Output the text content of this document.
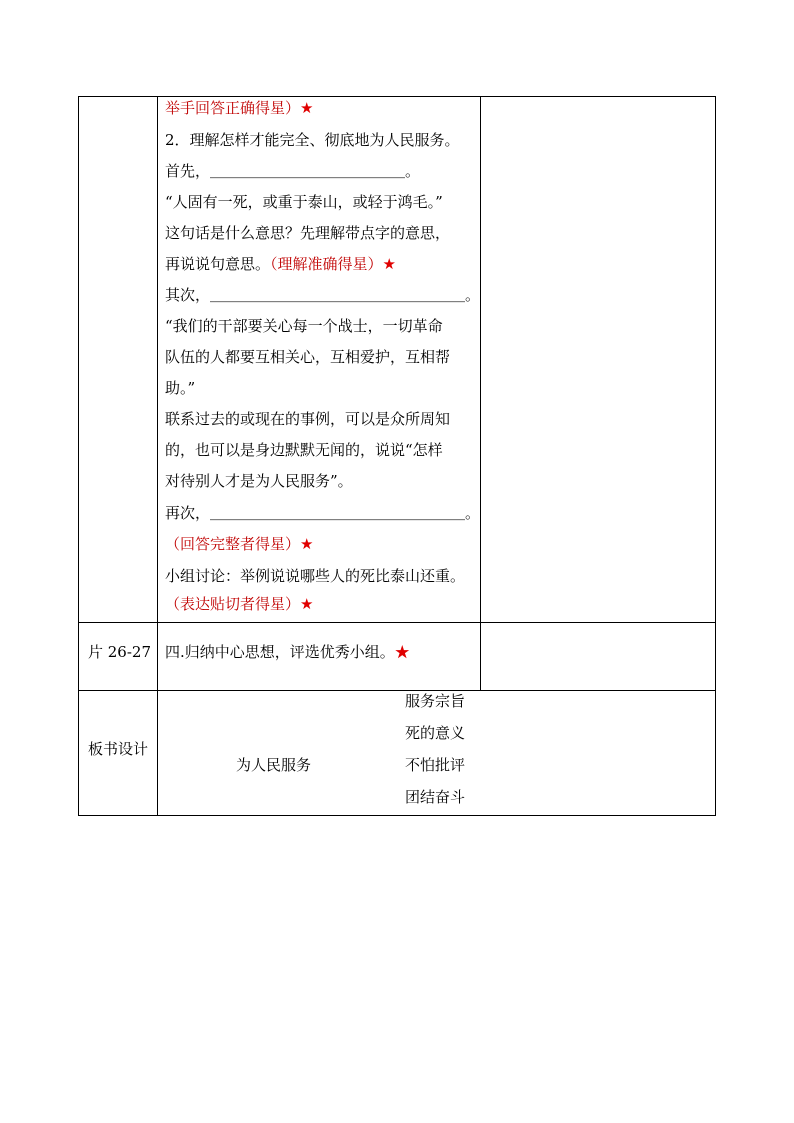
举手回答正确得星）★
2．理解怎样才能完全、彻底地为人民服务。
首先，＿＿＿＿＿＿＿＿＿＿＿＿＿。
“人固有一死，或重于泰山，或轻于鸿毛。”
这句话是什么意思？先理解带点字的意思，
再说说句意思。（理解准确得星）★
其次，＿＿＿＿＿＿＿＿＿＿＿＿＿＿＿＿＿。
“我们的干部要关心每一个战士，一切革命
队伍的人都要互相关心，互相爱护，互相帮
助。”
联系过去的或现在的事例，可以是众所周知
的，也可以是身边默默无闻的，说说“怎样
对待别人才是为人民服务”。
再次，＿＿＿＿＿＿＿＿＿＿＿＿＿＿＿＿＿。
（回答完整者得星）★
小组讨论：举例说说哪些人的死比泰山还重。
（表达贴切者得星）★
片 26-27 四.归纳中心思想，评选优秀小组。★
板书设计
为人民服务
服务宗旨
死的意义
不怕批评
团结奋斗
